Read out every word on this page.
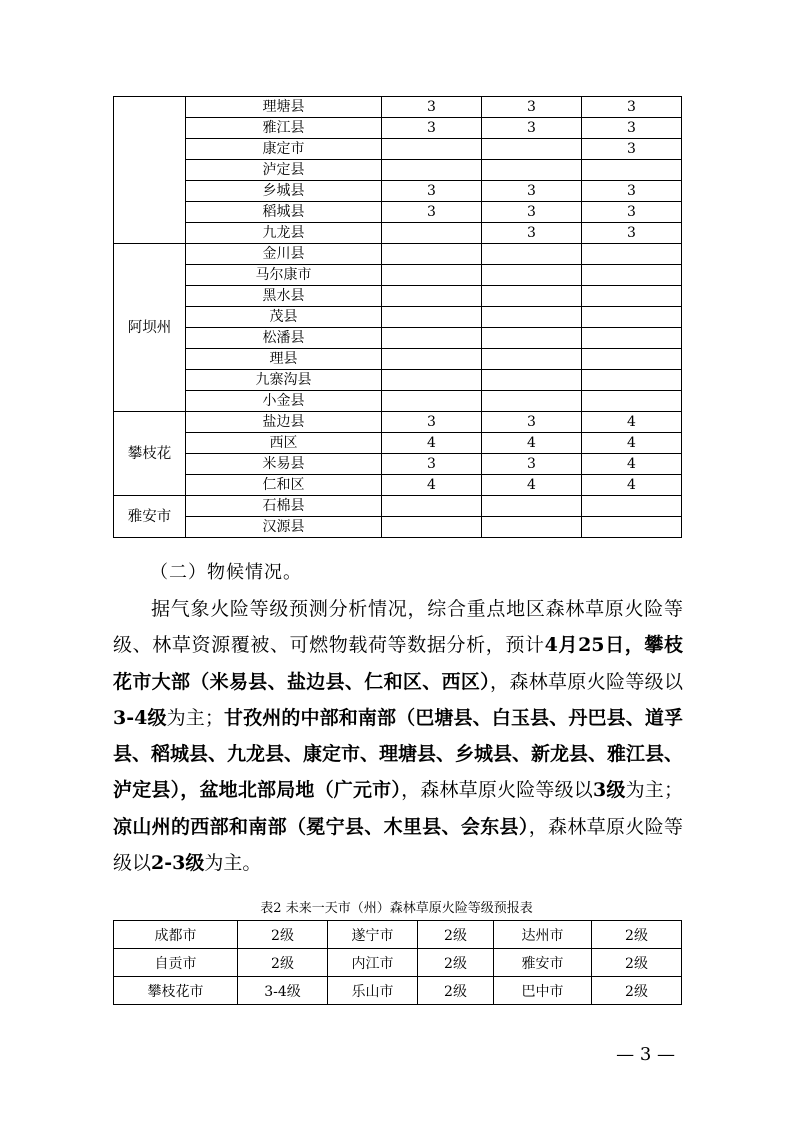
	理塘县	3	3	3
	雅江县	3	3	3
	康定市			3
	泸定县			
	乡城县	3	3	3
	稻城县	3	3	3
	九龙县		3	3
阿坝州	金川县			
	马尔康市			
	黑水县			
	茂县			
	松潘县			
	理县			
	九寨沟县			
	小金县			
攀枝花	盐边县	3	3	4
	西区	4	4	4
	米易县	3	3	4
	仁和区	4	4	4
雅安市	石棉县			
	汉源县			

（二）物候情况。

据气象火险等级预测分析情况，综合重点地区森林草原火险等级、林草资源覆被、可燃物载荷等数据分析，预计4月25日，攀枝花市大部（米易县、盐边县、仁和区、西区），森林草原火险等级以3-4级为主；甘孜州的中部和南部（巴塘县、白玉县、丹巴县、道孚县、稻城县、九龙县、康定市、理塘县、乡城县、新龙县、雅江县、泸定县），盆地北部局地（广元市），森林草原火险等级以3级为主；凉山州的西部和南部（冕宁县、木里县、会东县），森林草原火险等级以2-3级为主。

表2 未来一天市（州）森林草原火险等级预报表

成都市	2级	遂宁市	2级	达州市	2级
自贡市	2级	内江市	2级	雅安市	2级
攀枝花市	3-4级	乐山市	2级	巴中市	2级

— 3 —
